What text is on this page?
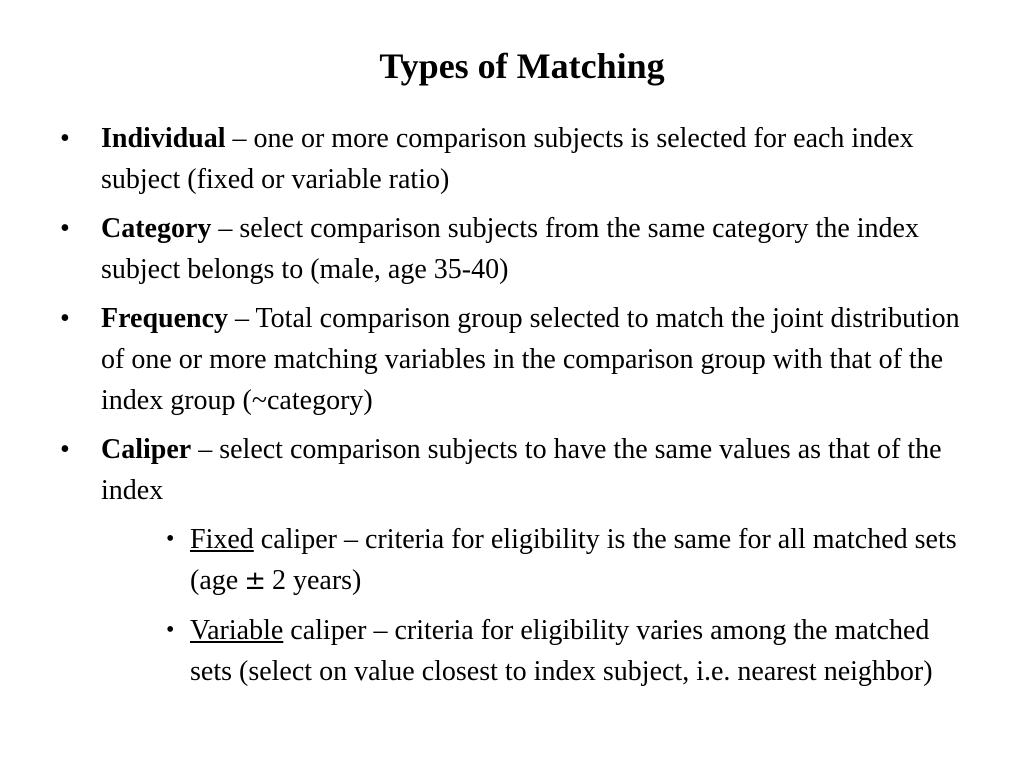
Types of Matching
• Individual – one or more comparison subjects is selected for each index subject (fixed or variable ratio)
• Category – select comparison subjects from the same category the index subject belongs to (male, age 35-40)
• Frequency – Total comparison group selected to match the joint distribution of one or more matching variables in the comparison group with that of the index group (~category)
• Caliper – select comparison subjects to have the same values as that of the index
• Fixed caliper – criteria for eligibility is the same for all matched sets (age ± 2 years)
• Variable caliper – criteria for eligibility varies among the matched sets (select on value closest to index subject, i.e. nearest neighbor)
